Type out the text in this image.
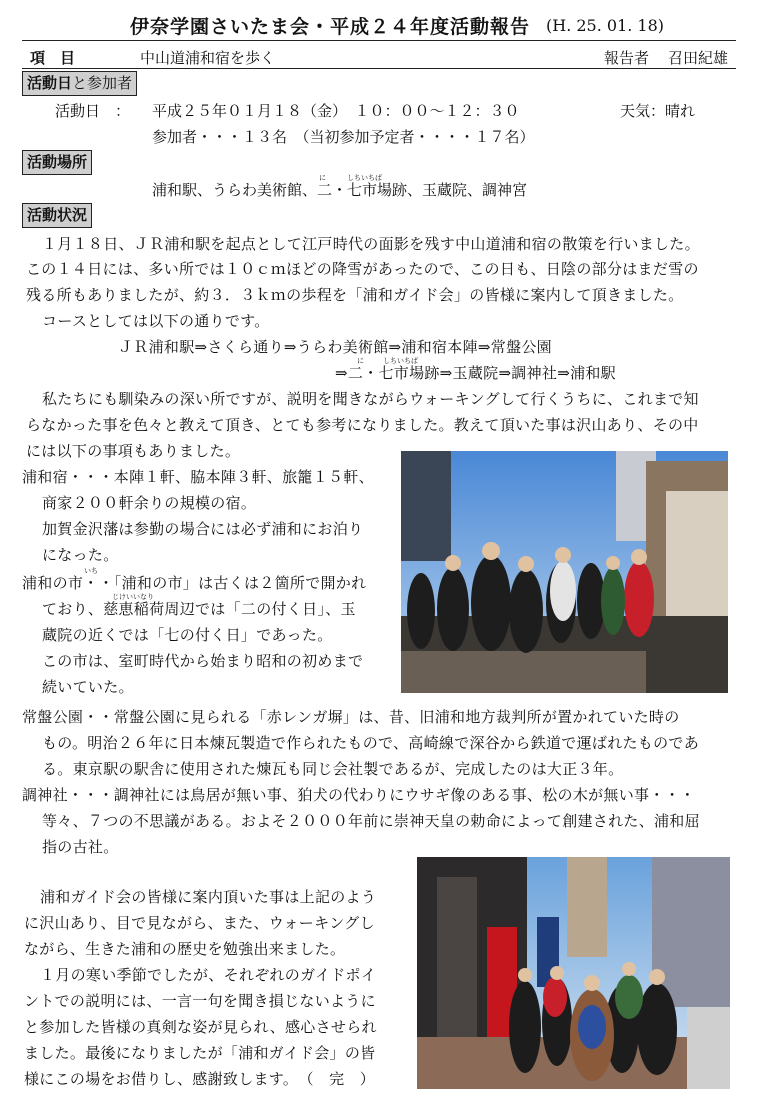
伊奈学園さいたま会・平成２４年度活動報告 (H. 25. 01. 18)
項　目	中山道浦和宿を歩く	報告者 召田紀雄
活動日と参加者
活動日　： 平成２５年０１月１８（金）　１０：００～１２：３０	天気：晴れ
参加者・・・１３名　（当初参加予定者・・・・１７名）
活動場所
浦和駅、うらわ美術館、
に	しちいちば
二・七市場跡、玉蔵院、調神宮
活動状況
１月１８日、ＪＲ浦和駅を起点として江戸時代の面影を残す中山道浦和宿の散策を行いました。
この１４日には、多い所では１０ｃｍほどの降雪があったので、この日も、日陰の部分はまだ雪の
残る所もありましたが、約３．３ｋｍの歩程を「浦和ガイド会」の皆様に案内して頂きました。
コースとしては以下の通りです。
ＪＲ浦和駅⇒さくら通り⇒うらわ美術館⇒浦和宿本陣⇒常盤公園
に	しちいちば
⇒二・七市場跡⇒玉蔵院⇒調神社⇒浦和駅
私たちにも馴染みの深い所ですが、説明を聞きながらウォーキングして行くうちに、これまで知
らなかった事を色々と教えて頂き、とても参考になりました。教えて頂いた事は沢山あり、その中
には以下の事項もありました。
浦和宿・・・本陣１軒、脇本陣３軒、旅籠１５軒、
商家２００軒余りの規模の宿。
加賀金沢藩は参勤の場合には必ず浦和にお泊り
になった。
いち
浦和の市・・「浦和の市」は古くは２箇所で開かれ
じけいいなり
ており、慈恵稲荷周辺では「二の付く日」、玉
蔵院の近くでは「七の付く日」であった。
この市は、室町時代から始まり昭和の初めまで
続いていた。
常盤公園・・常盤公園に見られる「赤レンガ塀」は、昔、旧浦和地方裁判所が置かれていた時の
もの。明治２６年に日本煉瓦製造で作られたもので、高崎線で深谷から鉄道で運ばれたものであ
る。東京駅の駅舎に使用された煉瓦も同じ会社製であるが、完成したのは大正３年。
調神社・・・調神社には鳥居が無い事、狛犬の代わりにウサギ像のある事、松の木が無い事・・・
等々、７つの不思議がある。およそ２０００年前に崇神天皇の勅命によって創建された、浦和屈
指の古社。
浦和ガイド会の皆様に案内頂いた事は上記のよう
に沢山あり、目で見ながら、また、ウォーキングし
ながら、生きた浦和の歴史を勉強出来ました。
１月の寒い季節でしたが、それぞれのガイドポイ
ントでの説明には、一言一句を聞き損じないように
と参加した皆様の真剣な姿が見られ、感心させられ
ました。最後になりましたが「浦和ガイド会」の皆
様にこの場をお借りし、感謝致します。　（　完　）
